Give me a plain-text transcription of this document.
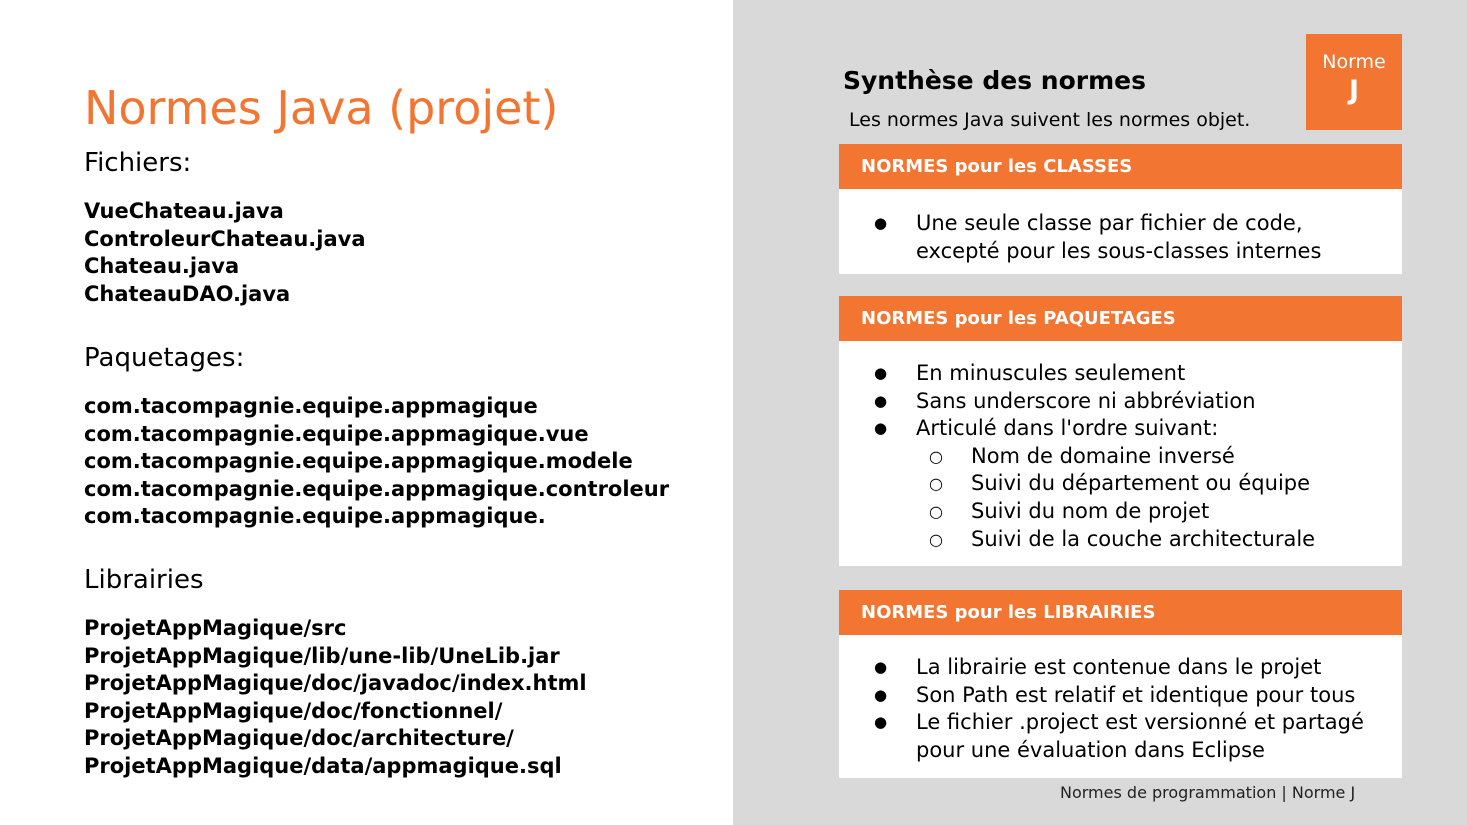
Normes Java (projet)
Fichiers:
VueChateau.java
ControleurChateau.java
Chateau.java
ChateauDAO.java
Paquetages:
com.tacompagnie.equipe.appmagique
com.tacompagnie.equipe.appmagique.vue
com.tacompagnie.equipe.appmagique.modele
com.tacompagnie.equipe.appmagique.controleur
com.tacompagnie.equipe.appmagique.
Librairies
ProjetAppMagique/src
ProjetAppMagique/lib/une-lib/UneLib.jar
ProjetAppMagique/doc/javadoc/index.html
ProjetAppMagique/doc/fonctionnel/
ProjetAppMagique/doc/architecture/
ProjetAppMagique/data/appmagique.sql
Synthèse des normes
Les normes Java suivent les normes objet.
Norme
J
NORMES pour les CLASSES
● Une seule classe par fichier de code,
excepté pour les sous-classes internes
NORMES pour les PAQUETAGES
● En minuscules seulement
● Sans underscore ni abbréviation
● Articulé dans l'ordre suivant:
○ Nom de domaine inversé
○ Suivi du département ou équipe
○ Suivi du nom de projet
○ Suivi de la couche architecturale
NORMES pour les LIBRAIRIES
● La librairie est contenue dans le projet
● Son Path est relatif et identique pour tous
● Le fichier .project est versionné et partagé
pour une évaluation dans Eclipse
Normes de programmation | Norme J
